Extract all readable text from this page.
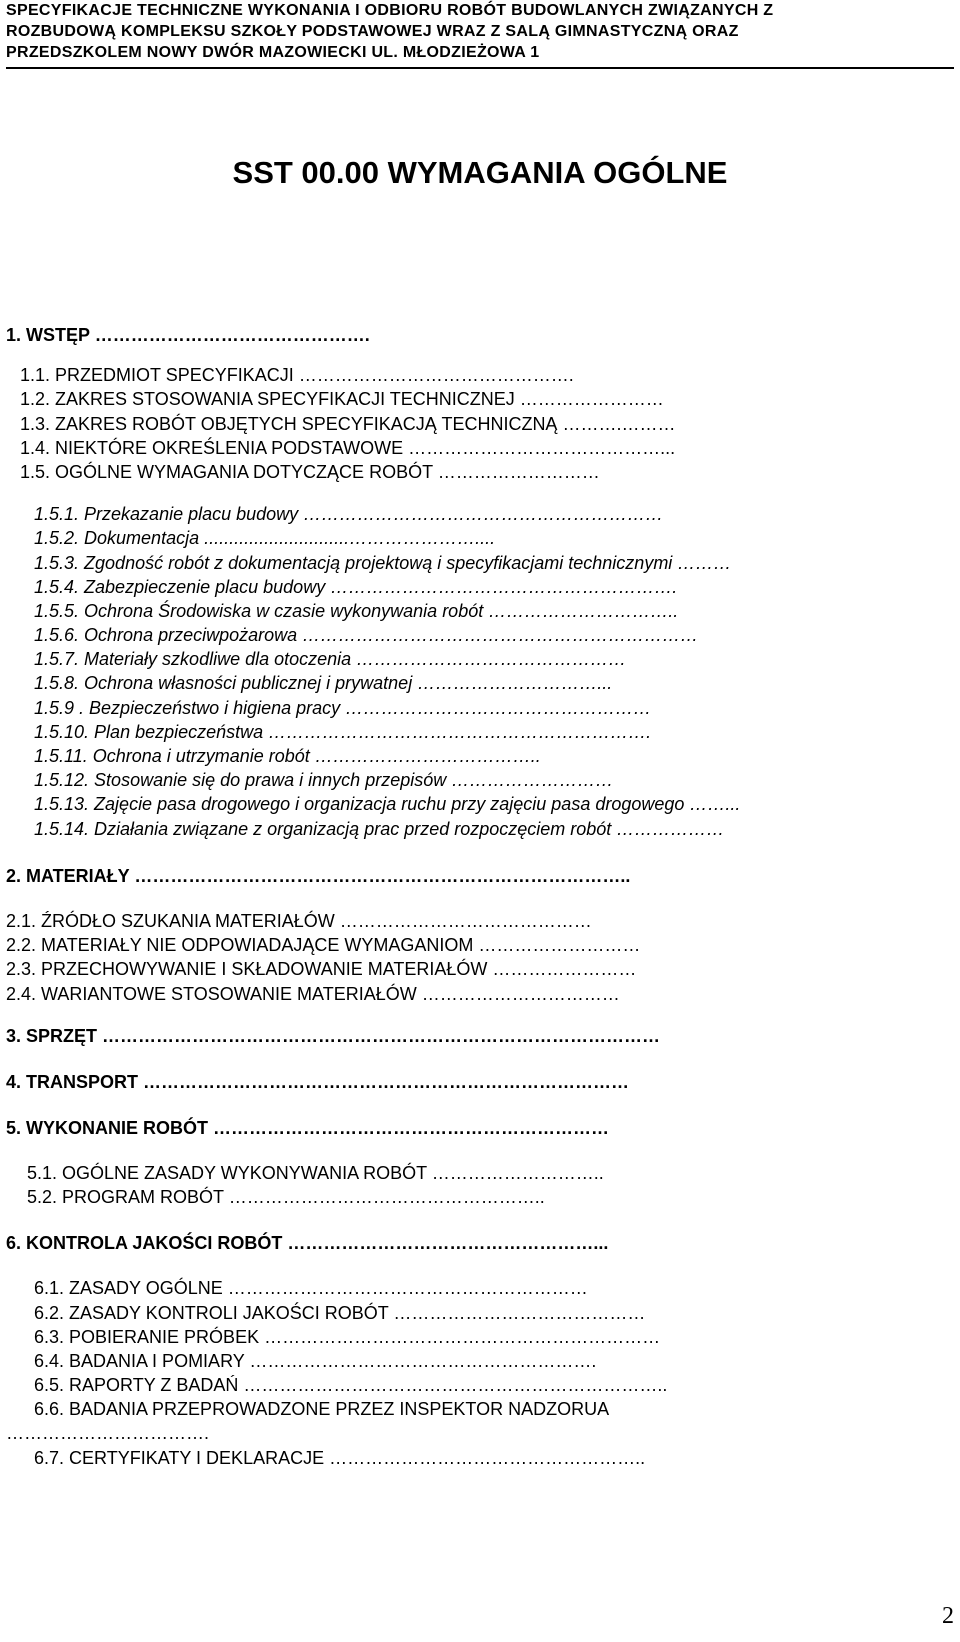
SPECYFIKACJE TECHNICZNE WYKONANIA I ODBIORU ROBÓT BUDOWLANYCH ZWIĄZANYCH Z
ROZBUDOWĄ KOMPLEKSU SZKOŁY PODSTAWOWEJ WRAZ Z SALĄ GIMNASTYCZNĄ ORAZ
PRZEDSZKOLEM NOWY DWÓR MAZOWIECKI UL. MŁODZIEŻOWA 1
SST 00.00 WYMAGANIA OGÓLNE
1. WSTĘP ……………………………………….
1.1. PRZEDMIOT SPECYFIKACJI ……………………………………….
1.2. ZAKRES STOSOWANIA SPECYFIKACJI TECHNICZNEJ ……………………
1.3. ZAKRES ROBÓT OBJĘTYCH SPECYFIKACJĄ TECHNICZNĄ ……….………
1.4. NIEKTÓRE OKREŚLENIA PODSTAWOWE ……………………………………...
1.5. OGÓLNE WYMAGANIA DOTYCZĄCE ROBÓT ………………………
1.5.1. Przekazanie placu budowy ……………………………………………………
1.5.2. Dokumentacja .............................…………………....
1.5.3. Zgodność robót z dokumentacją projektową i specyfikacjami technicznymi ………
1.5.4. Zabezpieczenie placu budowy ………………………………………………….
1.5.5. Ochrona Środowiska w czasie wykonywania robót …………………………..
1.5.6. Ochrona przeciwpożarowa …………………………………………………………
1.5.7. Materiały szkodliwe dla otoczenia ………………………………………
1.5.8. Ochrona własności publicznej i prywatnej …………………………...
1.5.9 . Bezpieczeństwo i higiena pracy ……………………………………………
1.5.10. Plan bezpieczeństwa ……………………………………………………….
1.5.11. Ochrona i utrzymanie robót ………………………………..
1.5.12. Stosowanie się do prawa i innych przepisów ………………………
1.5.13. Zajęcie pasa drogowego i organizacja ruchu przy zajęciu pasa drogowego ……...
1.5.14. Działania związane z organizacją prac przed rozpoczęciem robót ………………
2. MATERIAŁY ………………………………………………………………………..
2.1. ŹRÓDŁO SZUKANIA MATERIAŁÓW ……………………………………
2.2. MATERIAŁY NIE ODPOWIADAJĄCE WYMAGANIOM ………………………
2.3. PRZECHOWYWANIE I SKŁADOWANIE MATERIAŁÓW ……………………
2.4. WARIANTOWE STOSOWANIE MATERIAŁÓW ……………………………
3. SPRZĘT …………………………………………………………………………………
4. TRANSPORT ………………………………………………………………………
5. WYKONANIE ROBÓT …………………………………………………………
5.1. OGÓLNE ZASADY WYKONYWANIA ROBÓT ………………………..
5.2. PROGRAM ROBÓT ……………………………………………..
6. KONTROLA JAKOŚCI ROBÓT ……………………………………………...
6.1. ZASADY OGÓLNE ……………………………………………………
6.2. ZASADY KONTROLI JAKOŚCI ROBÓT ……………………………………
6.3. POBIERANIE PRÓBEK …………………………………………………………
6.4. BADANIA I POMIARY ………………………………………………….
6.5. RAPORTY Z BADAŃ ……………………………………………………………..
6.6. BADANIA PRZEPROWADZONE PRZEZ INSPEKTOR NADZORUA
…………………………….
6.7. CERTYFIKATY I DEKLARACJE ……………………………………………..
2
